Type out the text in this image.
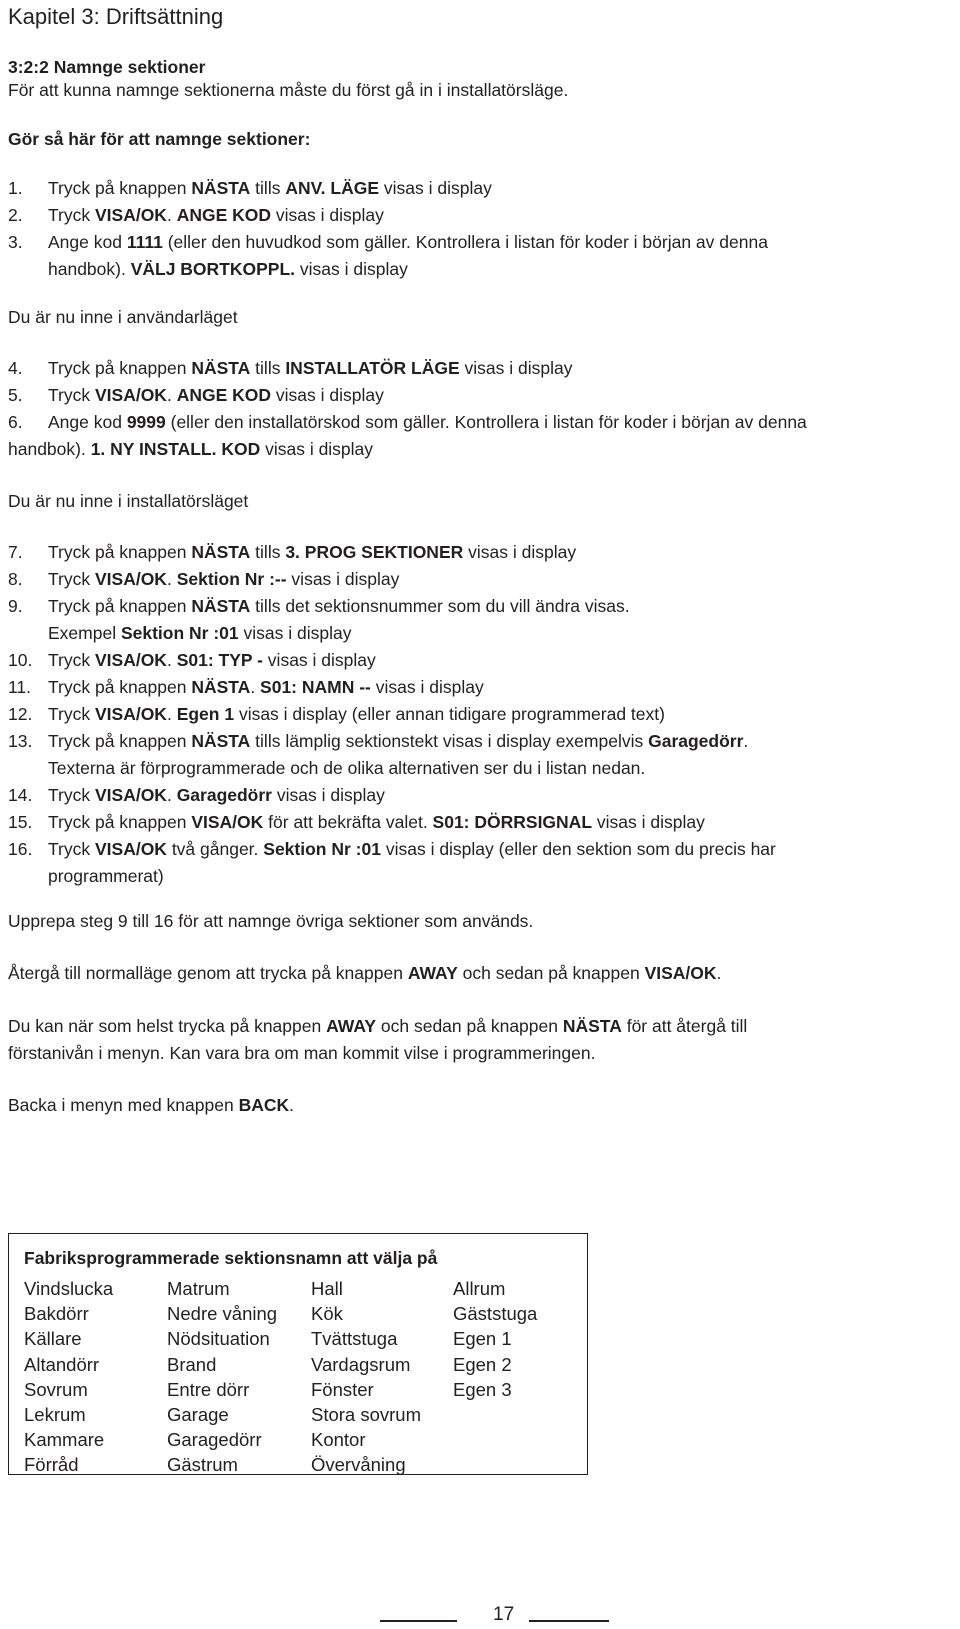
Kapitel 3: Driftsättning
3:2:2 Namnge sektioner
För att kunna namnge sektionerna måste du först gå in i installatörsläge.
Gör så här för att namnge sektioner:
1. Tryck på knappen NÄSTA tills ANV. LÄGE visas i display
2. Tryck VISA/OK. ANGE KOD visas i display
3. Ange kod 1111 (eller den huvudkod som gäller. Kontrollera i listan för koder i början av denna
handbok). VÄLJ BORTKOPPL. visas i display
Du är nu inne i användarläget
4. Tryck på knappen NÄSTA tills INSTALLATÖR LÄGE visas i display
5. Tryck VISA/OK. ANGE KOD visas i display
6. Ange kod 9999 (eller den installatörskod som gäller. Kontrollera i listan för koder i början av denna
handbok). 1. NY INSTALL. KOD visas i display
Du är nu inne i installatörsläget
7. Tryck på knappen NÄSTA tills 3. PROG SEKTIONER visas i display
8. Tryck VISA/OK. Sektion Nr :-- visas i display
9. Tryck på knappen NÄSTA tills det sektionsnummer som du vill ändra visas.
Exempel Sektion Nr :01 visas i display
10. Tryck VISA/OK. S01: TYP - visas i display
11. Tryck på knappen NÄSTA. S01: NAMN -- visas i display
12. Tryck VISA/OK. Egen 1 visas i display (eller annan tidigare programmerad text)
13. Tryck på knappen NÄSTA tills lämplig sektionstekt visas i display exempelvis Garagedörr.
Texterna är förprogrammerade och de olika alternativen ser du i listan nedan.
14. Tryck VISA/OK. Garagedörr visas i display
15. Tryck på knappen VISA/OK för att bekräfta valet. S01: DÖRRSIGNAL visas i display
16. Tryck VISA/OK två gånger. Sektion Nr :01 visas i display (eller den sektion som du precis har
programmerat)
Upprepa steg 9 till 16 för att namnge övriga sektioner som används.
Återgå till normalläge genom att trycka på knappen AWAY och sedan på knappen VISA/OK.
Du kan när som helst trycka på knappen AWAY och sedan på knappen NÄSTA för att återgå till
förstanivån i menyn. Kan vara bra om man kommit vilse i programmeringen.
Backa i menyn med knappen BACK.
Fabriksprogrammerade sektionsnamn att välja på
Vindslucka
Bakdörr
Källare
Altandörr
Sovrum
Lekrum
Kammare
Förråd
Matrum
Nedre våning
Nödsituation
Brand
Entre dörr
Garage
Garagedörr
Gästrum
Hall
Kök
Tvättstuga
Vardagsrum
Fönster
Stora sovrum
Kontor
Övervåning
Allrum
Gäststuga
Egen 1
Egen 2
Egen 3
17
